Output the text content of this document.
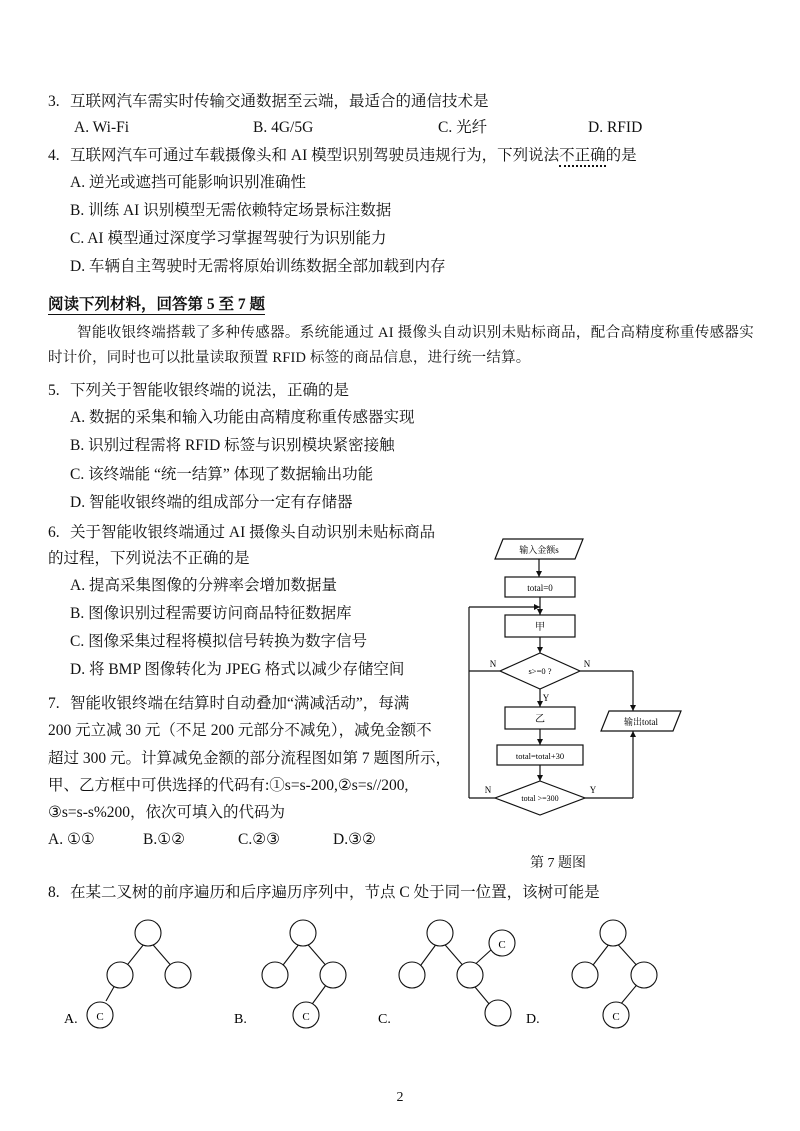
3. 互联网汽车需实时传输交通数据至云端，最适合的通信技术是
A. Wi-Fi	B. 4G/5G	C. 光纤	D. RFID
4. 互联网汽车可通过车载摄像头和 AI 模型识别驾驶员违规行为，下列说法不正确的是
A. 逆光或遮挡可能影响识别准确性
B. 训练 AI 识别模型无需依赖特定场景标注数据
C. AI 模型通过深度学习掌握驾驶行为识别能力
D. 车辆自主驾驶时无需将原始训练数据全部加载到内存
阅读下列材料，回答第 5 至 7 题
智能收银终端搭载了多种传感器。系统能通过 AI 摄像头自动识别未贴标商品，配合高精度称重传感器实时计价，同时也可以批量读取预置 RFID 标签的商品信息，进行统一结算。
5. 下列关于智能收银终端的说法，正确的是
A. 数据的采集和输入功能由高精度称重传感器实现
B. 识别过程需将 RFID 标签与识别模块紧密接触
C. 该终端能 “统一结算” 体现了数据输出功能
D. 智能收银终端的组成部分一定有存储器
6. 关于智能收银终端通过 AI 摄像头自动识别未贴标商品
的过程，下列说法不正确的是
A. 提高采集图像的分辨率会增加数据量
B. 图像识别过程需要访问商品特征数据库
C. 图像采集过程将模拟信号转换为数字信号
D. 将 BMP 图像转化为 JPEG 格式以减少存储空间

7. 智能收银终端在结算时自动叠加“满减活动”，每满

200 元立减 30 元（不足 200 元部分不减免），减免金额不

超过 300 元。计算减免金额的部分流程图如第 7 题图所示，

甲、乙方框中可供选择的代码有:①s=s-200,②s=s//200,

③s=s-s%200，依次可填入的代码为

A. ①①	B.①②	C.②③	D.③②
输入金额s
total=0
甲
s>=0 ?
N	N
Y
乙
total=total+30
total >=300
N	Y
输出total
第 7 题图
8. 在某二叉树的前序遍历和后序遍历序列中，节点 C 处于同一位置，该树可能是
C
A.	C
B.
C
C.	C
D.
2
